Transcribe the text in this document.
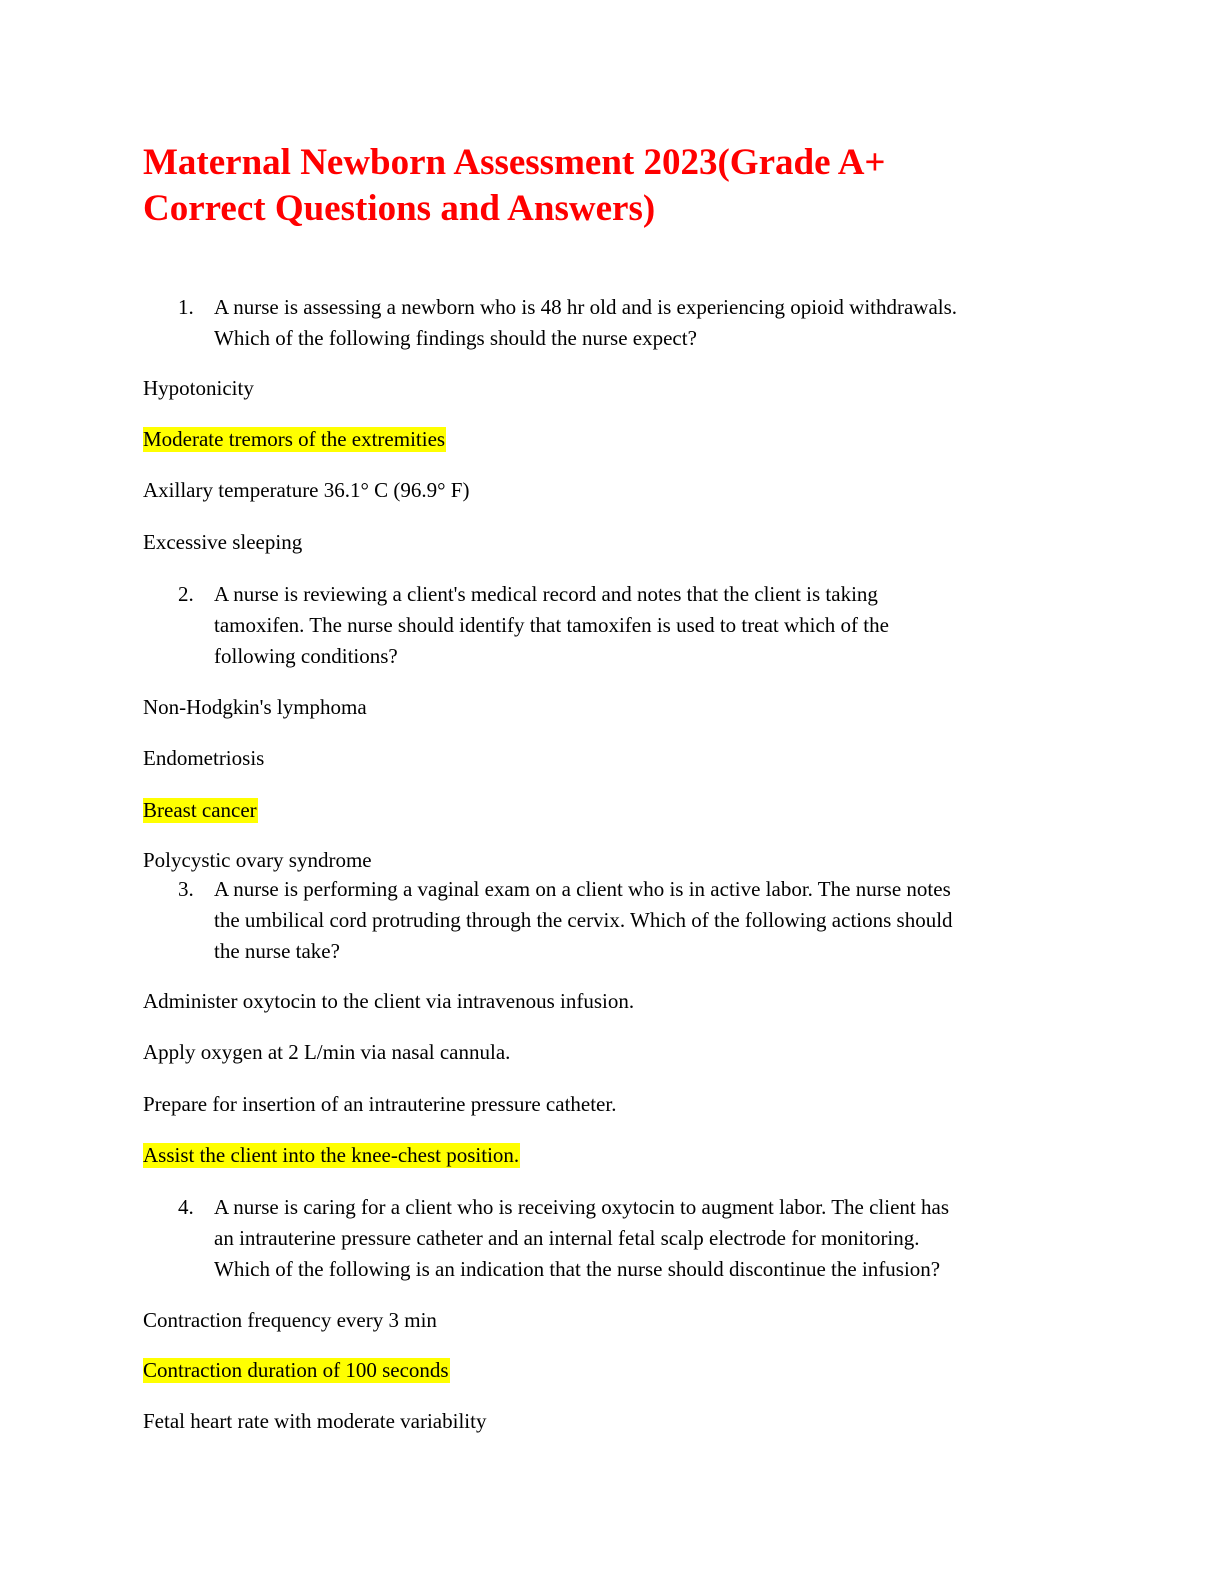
Maternal Newborn Assessment 2023(Grade A+
Correct Questions and Answers)
1. A nurse is assessing a newborn who is 48 hr old and is experiencing opioid withdrawals.
Which of the following findings should the nurse expect?
Hypotonicity
Moderate tremors of the extremities
Axillary temperature 36.1° C (96.9° F)
Excessive sleeping
2. A nurse is reviewing a client's medical record and notes that the client is taking
tamoxifen. The nurse should identify that tamoxifen is used to treat which of the
following conditions?
Non-Hodgkin's lymphoma
Endometriosis
Breast cancer
Polycystic ovary syndrome
3. A nurse is performing a vaginal exam on a client who is in active labor. The nurse notes
the umbilical cord protruding through the cervix. Which of the following actions should
the nurse take?
Administer oxytocin to the client via intravenous infusion.
Apply oxygen at 2 L/min via nasal cannula.
Prepare for insertion of an intrauterine pressure catheter.
Assist the client into the knee-chest position.
4. A nurse is caring for a client who is receiving oxytocin to augment labor. The client has
an intrauterine pressure catheter and an internal fetal scalp electrode for monitoring.
Which of the following is an indication that the nurse should discontinue the infusion?
Contraction frequency every 3 min
Contraction duration of 100 seconds
Fetal heart rate with moderate variability
